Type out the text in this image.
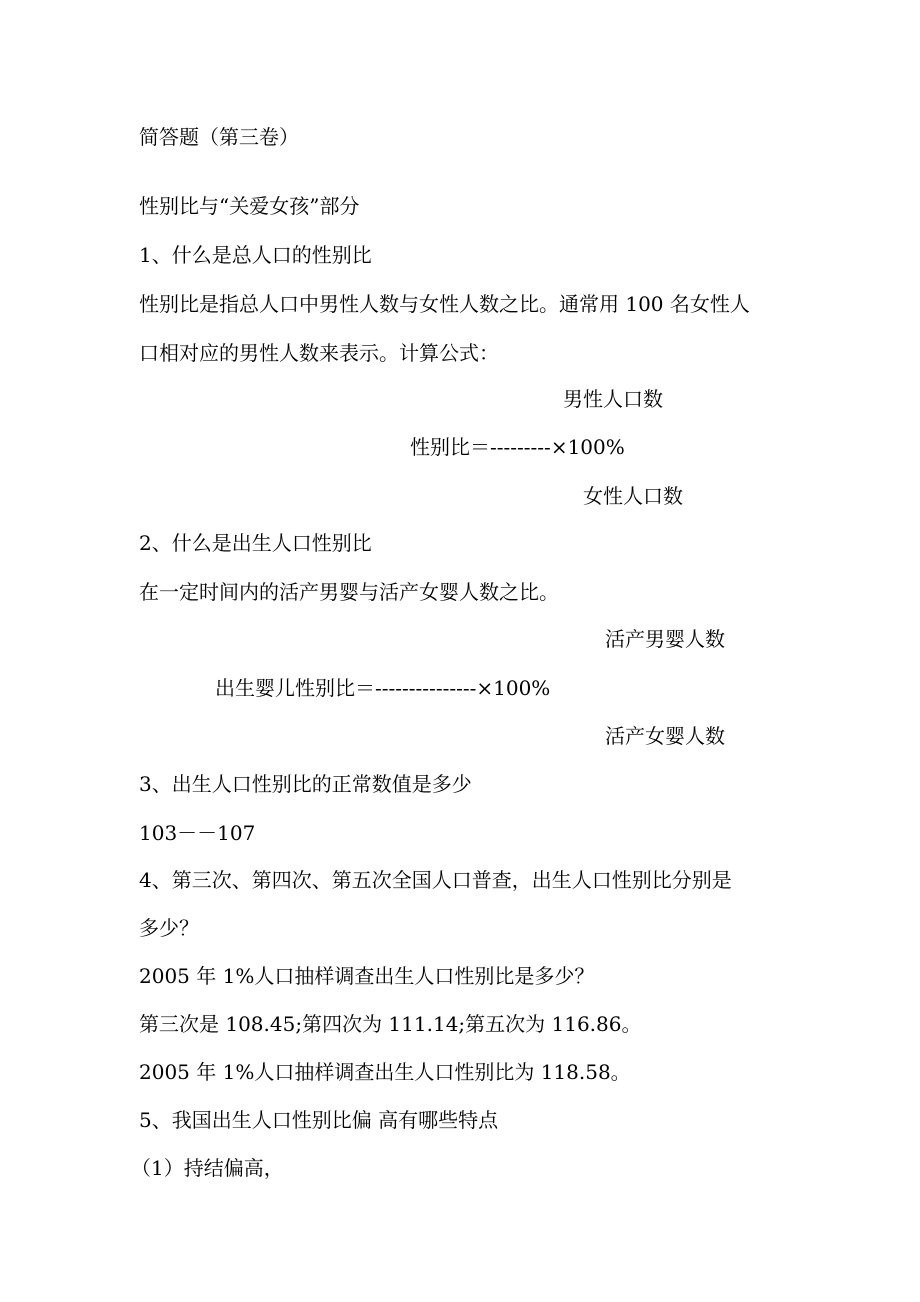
简答题（第三卷）
性别比与“关爱女孩”部分
1、什么是总人口的性别比
性别比是指总人口中男性人数与女性人数之比。通常用 100 名女性人
口相对应的男性人数来表示。计算公式：
男性人口数
性别比＝---------×100%
女性人口数
2、什么是出生人口性别比
在一定时间内的活产男婴与活产女婴人数之比。
活产男婴人数
出生婴儿性别比＝---------------×100%
活产女婴人数
3、出生人口性别比的正常数值是多少
103－－107
4、第三次、第四次、第五次全国人口普查，出生人口性别比分别是
多少？
2005 年 1%人口抽样调查出生人口性别比是多少？
第三次是 108.45;第四次为 111.14;第五次为 116.86。
2005 年 1%人口抽样调查出生人口性别比为 118.58。
5、我国出生人口性别比偏 高有哪些特点
（1）持结偏高，
